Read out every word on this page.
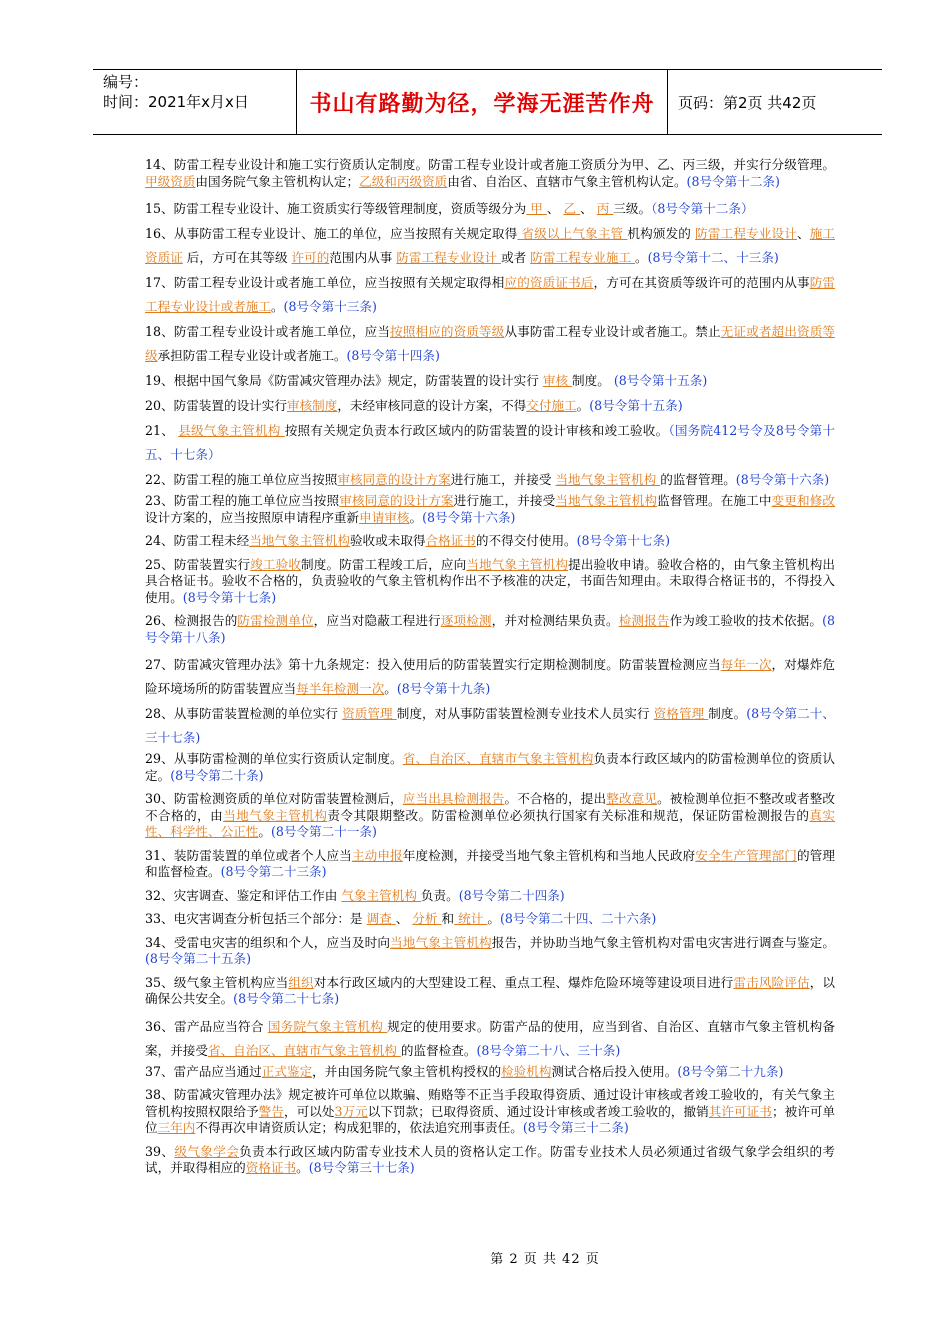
编号：
时间：2021年x月x日	书山有路勤为径，学海无涯苦作舟	页码：第2页 共42页

14、防雷工程专业设计和施工实行资质认定制度。防雷工程专业设计或者施工资质分为甲、乙、丙三级，并实行分级管理。甲级资质由国务院气象主管机构认定；乙级和丙级资质由省、自治区、直辖市气象主管机构认定。(8号令第十二条)

15、防雷工程专业设计、施工资质实行等级管理制度，资质等级分为 甲 、 乙 、 丙 三级。（8号令第十二条）

16、从事防雷工程专业设计、施工的单位，应当按照有关规定取得 省级以上气象主管 机构颁发的 防雷工程专业设计、施工资质证 后，方可在其等级 许可的范围内从事 防雷工程专业设计 或者 防雷工程专业施工 。(8号令第十二、十三条)

17、防雷工程专业设计或者施工单位，应当按照有关规定取得相应的资质证书后，方可在其资质等级许可的范围内从事防雷工程专业设计或者施工。(8号令第十三条)

18、防雷工程专业设计或者施工单位，应当按照相应的资质等级从事防雷工程专业设计或者施工。禁止无证或者超出资质等级承担防雷工程专业设计或者施工。(8号令第十四条)

19、根据中国气象局《防雷减灾管理办法》规定，防雷装置的设计实行 审核 制度。 (8号令第十五条)

20、防雷装置的设计实行审核制度，未经审核同意的设计方案，不得交付施工。(8号令第十五条)

21、 县级气象主管机构 按照有关规定负责本行政区域内的防雷装置的设计审核和竣工验收。（国务院412号令及8号令第十五、十七条）

22、防雷工程的施工单位应当按照审核同意的设计方案进行施工，并接受 当地气象主管机构 的监督管理。(8号令第十六条)

23、防雷工程的施工单位应当按照审核同意的设计方案进行施工，并接受当地气象主管机构监督管理。在施工中变更和修改设计方案的，应当按照原申请程序重新申请审核。(8号令第十六条)

24、防雷工程未经当地气象主管机构验收或未取得合格证书的不得交付使用。(8号令第十七条)

25、防雷装置实行竣工验收制度。防雷工程竣工后，应向当地气象主管机构提出验收申请。验收合格的，由气象主管机构出具合格证书。验收不合格的，负责验收的气象主管机构作出不予核准的决定，书面告知理由。未取得合格证书的，不得投入使用。(8号令第十七条)

26、检测报告的防雷检测单位，应当对隐蔽工程进行逐项检测，并对检测结果负责。检测报告作为竣工验收的技术依据。(8号令第十八条)

27、防雷减灾管理办法》第十九条规定：投入使用后的防雷装置实行定期检测制度。防雷装置检测应当每年一次，对爆炸危险环境场所的防雷装置应当每半年检测一次。(8号令第十九条)

28、从事防雷装置检测的单位实行 资质管理 制度，对从事防雷装置检测专业技术人员实行 资格管理 制度。(8号令第二十、三十七条)

29、从事防雷检测的单位实行资质认定制度。省、自治区、直辖市气象主管机构负责本行政区域内的防雷检测单位的资质认定。(8号令第二十条)

30、防雷检测资质的单位对防雷装置检测后，应当出具检测报告。不合格的，提出整改意见。被检测单位拒不整改或者整改不合格的，由当地气象主管机构责令其限期整改。防雷检测单位必须执行国家有关标准和规范，保证防雷检测报告的真实性、科学性、公正性。(8号令第二十一条)

31、装防雷装置的单位或者个人应当主动申报年度检测，并接受当地气象主管机构和当地人民政府安全生产管理部门的管理和监督检查。(8号令第二十三条)

32、灾害调查、鉴定和评估工作由 气象主管机构 负责。(8号令第二十四条)

33、电灾害调查分析包括三个部分：是 调查 、 分析 和 统计 。(8号令第二十四、二十六条)

34、受雷电灾害的组织和个人，应当及时向当地气象主管机构报告，并协助当地气象主管机构对雷电灾害进行调查与鉴定。(8号令第二十五条)

35、级气象主管机构应当组织对本行政区域内的大型建设工程、重点工程、爆炸危险环境等建设项目进行雷击风险评估，以确保公共安全。(8号令第二十七条)

36、雷产品应当符合 国务院气象主管机构 规定的使用要求。防雷产品的使用，应当到省、自治区、直辖市气象主管机构备案，并接受省、自治区、直辖市气象主管机构 的监督检查。(8号令第二十八、三十条)

37、雷产品应当通过正式鉴定，并由国务院气象主管机构授权的检验机构测试合格后投入使用。(8号令第二十九条)

38、防雷减灾管理办法》规定被许可单位以欺骗、贿赂等不正当手段取得资质、通过设计审核或者竣工验收的，有关气象主管机构按照权限给予警告，可以处3万元以下罚款；已取得资质、通过设计审核或者竣工验收的，撤销其许可证书；被许可单位三年内不得再次申请资质认定；构成犯罪的，依法追究刑事责任。(8号令第三十二条)

39、级气象学会负责本行政区域内防雷专业技术人员的资格认定工作。防雷专业技术人员必须通过省级气象学会组织的考试，并取得相应的资格证书。(8号令第三十七条)

第 2 页 共 42 页
